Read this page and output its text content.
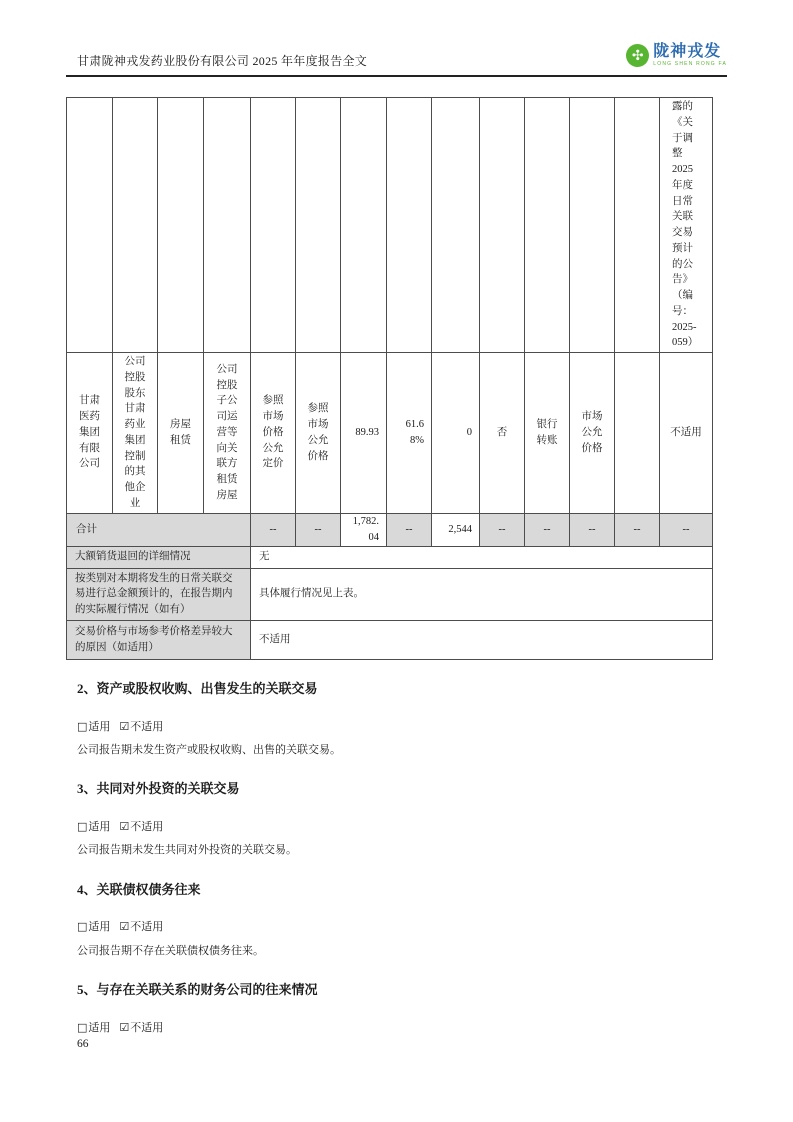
甘肃陇神戎发药业股份有限公司 2025 年年度报告全文	✣ 陇神戎发
LONG SHEN RONG FA
													露的《关于调整2025年度日常关联交易预计的公告》（编号：2025-059）
甘肃医药集团有限公司	公司控股股东甘肃药业集团控制的其他企业	房屋租赁	公司控股子公司运营等向关联方租赁房屋	参照市场价格公允定价	参照市场公允价格	89.93	61.68%	0	否	银行转账	市场公允价格		不适用
合计				--	--	1,782.04	--	2,544	--	--	--	--	--
大额销货退回的详细情况				无									
按类别对本期将发生的日常关联交易进行总金额预计的，在报告期内的实际履行情况（如有）				具体履行情况见上表。									
交易价格与市场参考价格差异较大的原因（如适用）				不适用									
2、资产或股权收购、出售发生的关联交易
□适用 ☑不适用

公司报告期未发生资产或股权收购、出售的关联交易。

3、共同对外投资的关联交易
□适用 ☑不适用

公司报告期未发生共同对外投资的关联交易。

4、关联债权债务往来
□适用 ☑不适用

公司报告期不存在关联债权债务往来。

5、与存在关联关系的财务公司的往来情况
□适用 ☑不适用
66
